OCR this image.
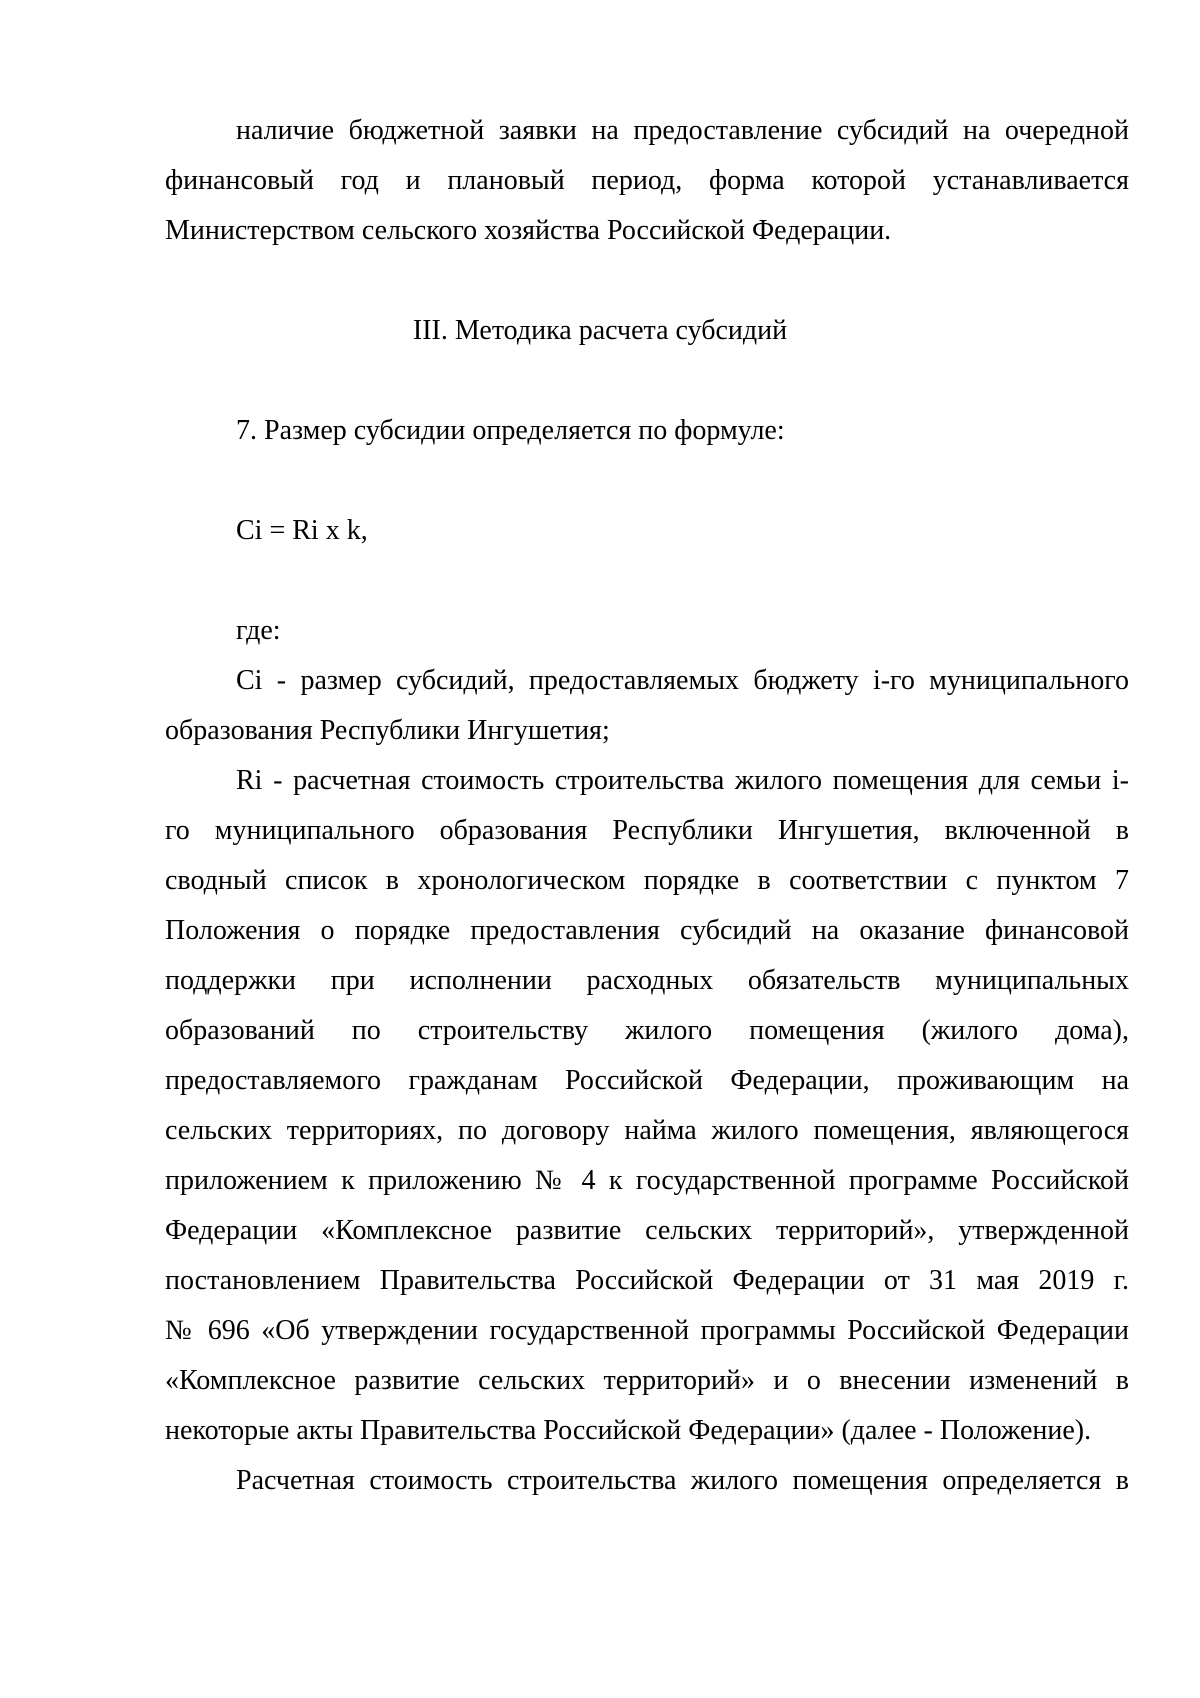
наличие бюджетной заявки на предоставление субсидий на очередной
финансовый год и плановый период, форма которой устанавливается
Министерством сельского хозяйства Российской Федерации.
III. Методика расчета субсидий
7. Размер субсидии определяется по формуле:
Ci = Ri x k,
где:
Ci - размер субсидий, предоставляемых бюджету i-го муниципального
образования Республики Ингушетия;
Ri - расчетная стоимость строительства жилого помещения для семьи i-
го муниципального образования Республики Ингушетия, включенной в
сводный список в хронологическом порядке в соответствии с пунктом 7
Положения о порядке предоставления субсидий на оказание финансовой
поддержки при исполнении расходных обязательств муниципальных
образований по строительству жилого помещения (жилого дома),
предоставляемого гражданам Российской Федерации, проживающим на
сельских территориях, по договору найма жилого помещения, являющегося
приложением к приложению № 4 к государственной программе Российской
Федерации «Комплексное развитие сельских территорий», утвержденной
постановлением Правительства Российской Федерации от 31 мая 2019 г.
№ 696 «Об утверждении государственной программы Российской Федерации
«Комплексное развитие сельских территорий» и о внесении изменений в
некоторые акты Правительства Российской Федерации» (далее - Положение).
Расчетная стоимость строительства жилого помещения определяется в
